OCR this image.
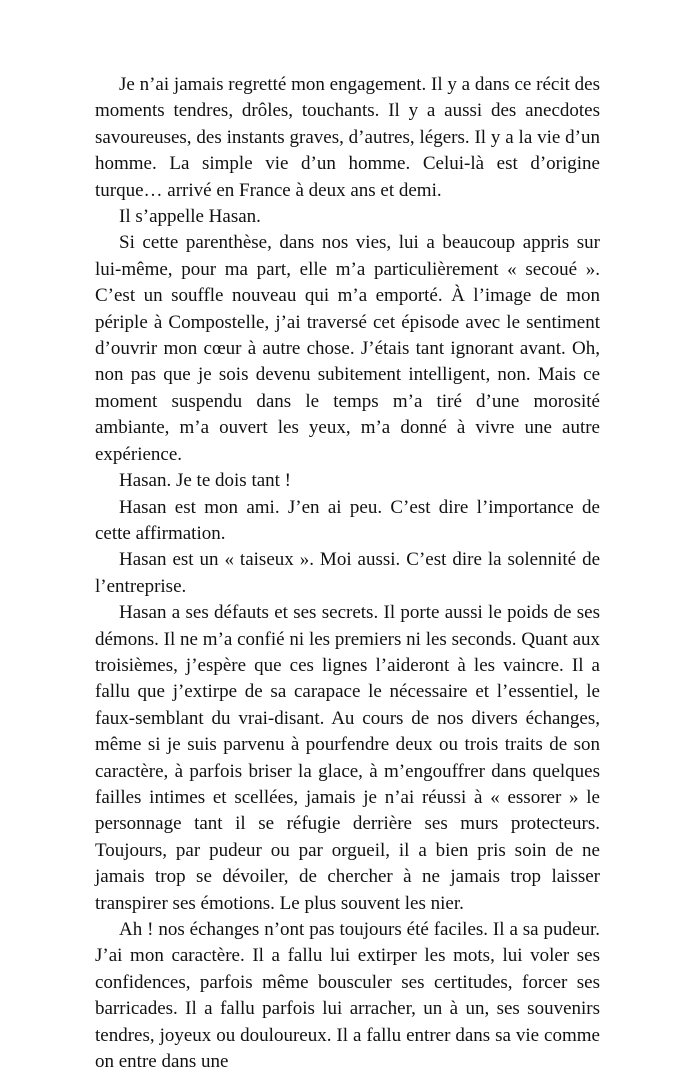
Je n’ai jamais regretté mon engagement. Il y a dans ce récit des moments tendres, drôles, touchants. Il y a aussi des anecdotes savoureuses, des instants graves, d’autres, légers. Il y a la vie d’un homme. La simple vie d’un homme. Celui-là est d’origine turque… arrivé en France à deux ans et demi.

Il s’appelle Hasan.

Si cette parenthèse, dans nos vies, lui a beaucoup appris sur lui-même, pour ma part, elle m’a particulièrement « secoué ». C’est un souffle nouveau qui m’a emporté. À l’image de mon périple à Compostelle, j’ai traversé cet épisode avec le sentiment d’ouvrir mon cœur à autre chose. J’étais tant ignorant avant. Oh, non pas que je sois devenu subitement intelligent, non. Mais ce moment suspendu dans le temps m’a tiré d’une morosité ambiante, m’a ouvert les yeux, m’a donné à vivre une autre expérience.

Hasan. Je te dois tant !

Hasan est mon ami. J’en ai peu. C’est dire l’importance de cette affirmation.

Hasan est un « taiseux ». Moi aussi. C’est dire la solennité de l’entreprise.

Hasan a ses défauts et ses secrets. Il porte aussi le poids de ses démons. Il ne m’a confié ni les premiers ni les seconds. Quant aux troisièmes, j’espère que ces lignes l’aideront à les vaincre. Il a fallu que j’extirpe de sa carapace le nécessaire et l’essentiel, le faux-semblant du vrai-disant. Au cours de nos divers échanges, même si je suis parvenu à pourfendre deux ou trois traits de son caractère, à parfois briser la glace, à m’engouffrer dans quelques failles intimes et scellées, jamais je n’ai réussi à « essorer » le personnage tant il se réfugie derrière ses murs protecteurs. Toujours, par pudeur ou par orgueil, il a bien pris soin de ne jamais trop se dévoiler, de chercher à ne jamais trop laisser transpirer ses émotions. Le plus souvent les nier.

Ah ! nos échanges n’ont pas toujours été faciles. Il a sa pudeur. J’ai mon caractère. Il a fallu lui extirper les mots, lui voler ses confidences, parfois même bousculer ses certitudes, forcer ses barricades. Il a fallu parfois lui arracher, un à un, ses souvenirs tendres, joyeux ou douloureux. Il a fallu entrer dans sa vie comme on entre dans une
